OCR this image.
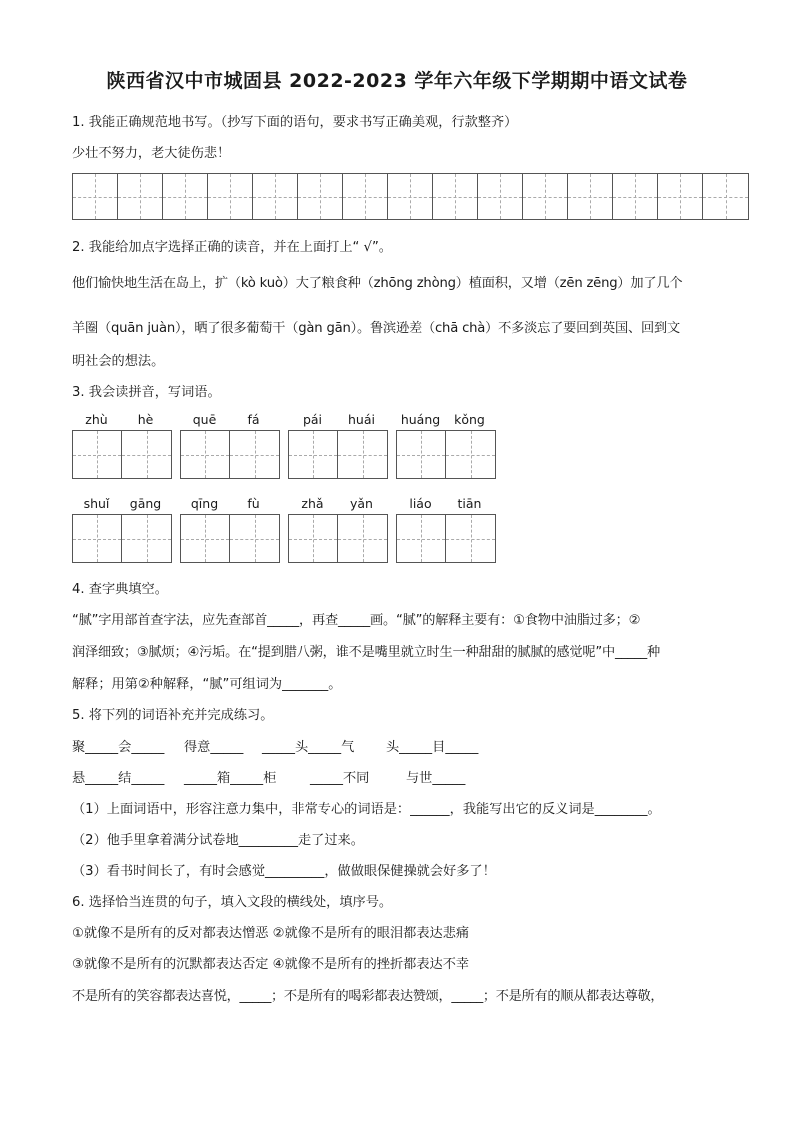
陕西省汉中市城固县 2022-2023 学年六年级下学期期中语文试卷
1. 我能正确规范地书写。（抄写下面的语句，要求书写正确美观，行款整齐）
少壮不努力，老大徒伤悲！
2. 我能给加点字选择正确的读音，并在上面打上“ √”。
他们愉快地生活在岛上，扩（kò kuò）大了粮食种（zhōng zhòng）植面积，又增（zēn zēng）加了几个
羊圈（quān juàn），晒了很多葡萄干（gàn gān）。鲁滨逊差（chā chà）不多淡忘了要回到英国、回到文
明社会的想法。
3. 我会读拼音，写词语。
zhù	hè	quē	fá	pái	huái	huáng	kǒng
shuǐ	gāng	qīng	fù	zhǎ	yǎn	liáo	tiān
4. 查字典填空。
“腻”字用部首查字法，应先查部首_____，再查_____画。“腻”的解释主要有：①食物中油脂过多；②
润泽细致；③腻烦；④污垢。在“提到腊八粥，谁不是嘴里就立时生一种甜甜的腻腻的感觉呢”中_____种
解释；用第②种解释，“腻”可组词为_______。
5. 将下列的词语补充并完成练习。
聚_____会_____ 得意_____ _____头_____气 头_____目_____
悬_____结_____ _____箱_____柜	_____不同	与世_____
（1）上面词语中，形容注意力集中，非常专心的词语是：______，我能写出它的反义词是________。
（2）他手里拿着满分试卷地_________走了过来。
（3）看书时间长了，有时会感觉_________，做做眼保健操就会好多了！
6. 选择恰当连贯的句子，填入文段的横线处，填序号。
①就像不是所有的反对都表达憎恶 ②就像不是所有的眼泪都表达悲痛
③就像不是所有的沉默都表达否定 ④就像不是所有的挫折都表达不幸
不是所有的笑容都表达喜悦，_____；不是所有的喝彩都表达赞颂，_____；不是所有的顺从都表达尊敬，
